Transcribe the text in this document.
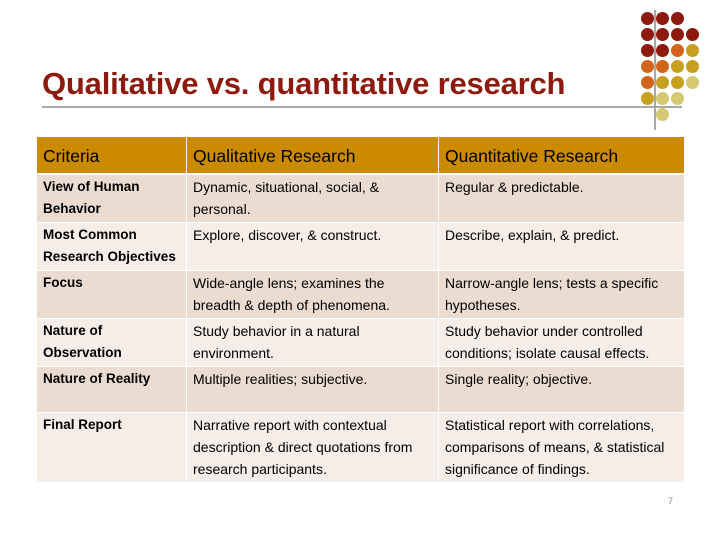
Qualitative vs. quantitative research
Criteria	Qualitative Research	Quantitative Research
View of Human Behavior	Dynamic, situational, social, & personal.	Regular & predictable.
Most Common Research Objectives	Explore, discover, & construct.	Describe, explain, & predict.
Focus	Wide-angle lens; examines the breadth & depth of phenomena.	Narrow-angle lens; tests a specific hypotheses.
Nature of Observation	Study behavior in a natural environment.	Study behavior under controlled conditions; isolate causal effects.
Nature of Reality	Multiple realities; subjective.	Single reality; objective.
Final Report	Narrative report with contextual description & direct quotations from research participants.	Statistical report with correlations, comparisons of means, & statistical significance of findings.
7
